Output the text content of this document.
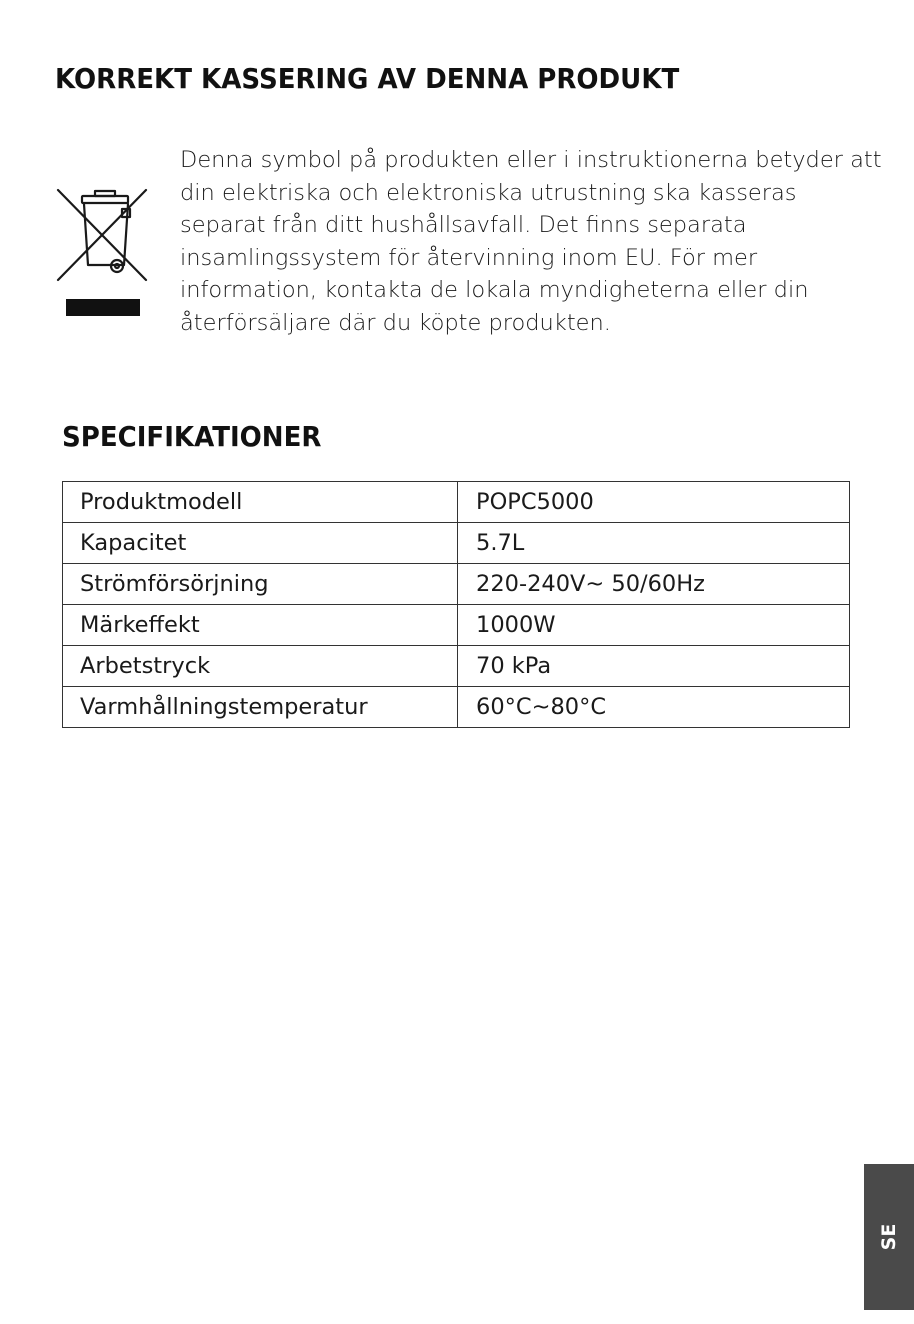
KORREKT KASSERING AV DENNA PRODUKT

Denna symbol på produkten eller i instruktionerna betyder att
din elektriska och elektroniska utrustning ska kasseras
separat från ditt hushållsavfall. Det finns separata
insamlingssystem för återvinning inom EU. För mer
information, kontakta de lokala myndigheterna eller din
återförsäljare där du köpte produkten.

SPECIFIKATIONER
Produktmodell	POPC5000
Kapacitet	5.7L
Strömförsörjning	220-240V~ 50/60Hz
Märkeffekt	1000W
Arbetstryck	70 kPa
Varmhållningstemperatur	60°C~80°C
SE
